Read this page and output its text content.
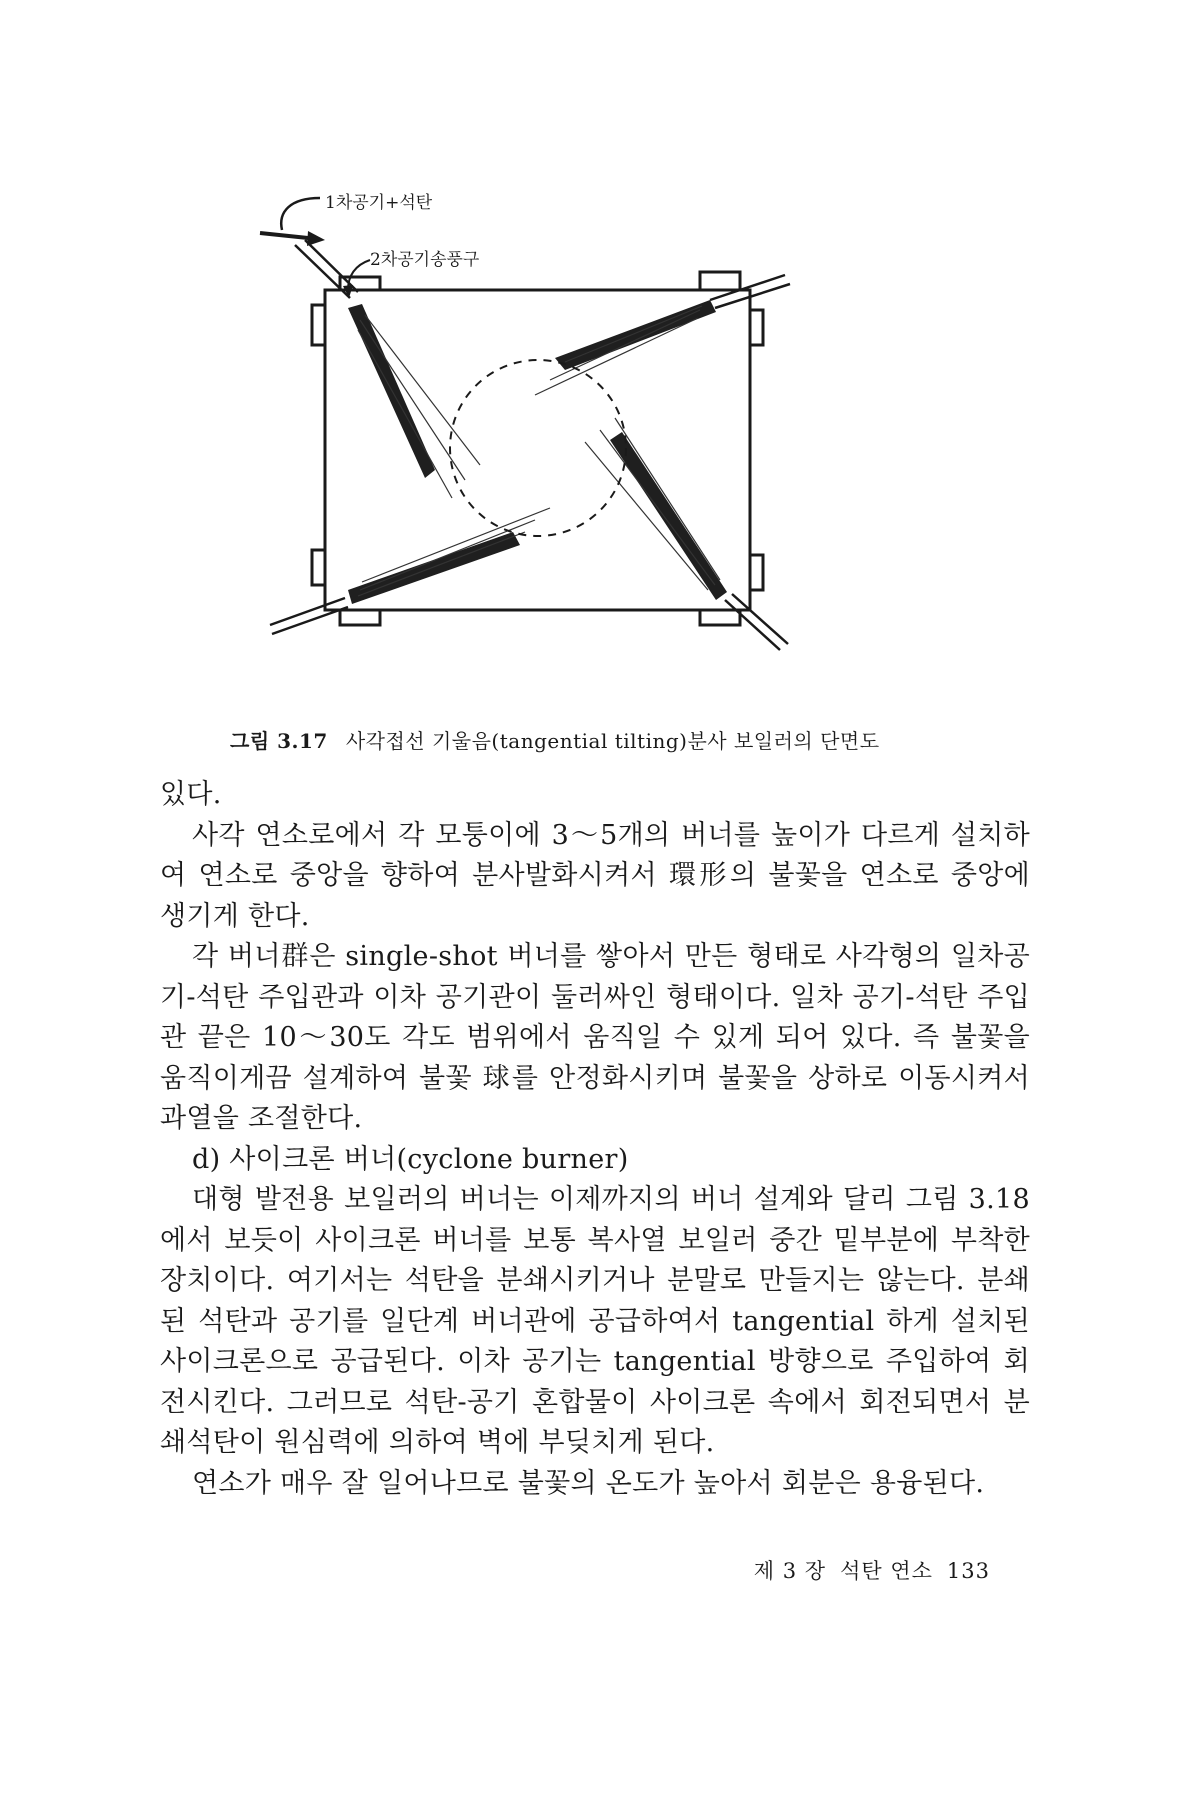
1차공기+석탄
2차공기송풍구
그림 3.17 사각접선 기울음(tangential tilting)분사 보일러의 단면도

있다.

사각 연소로에서 각 모퉁이에 3～5개의 버너를 높이가 다르게 설치하여 연소로 중앙을 향하여 분사발화시켜서 環形의 불꽃을 연소로 중앙에 생기게 한다.

각 버너群은 single-shot 버너를 쌓아서 만든 형태로 사각형의 일차공기-석탄 주입관과 이차 공기관이 둘러싸인 형태이다. 일차 공기-석탄 주입관 끝은 10～30도 각도 범위에서 움직일 수 있게 되어 있다. 즉 불꽃을 움직이게끔 설계하여 불꽃 球를 안정화시키며 불꽃을 상하로 이동시켜서 과열을 조절한다.

d) 사이크론 버너(cyclone burner)

대형 발전용 보일러의 버너는 이제까지의 버너 설계와 달리 그림 3.18에서 보듯이 사이크론 버너를 보통 복사열 보일러 중간 밑부분에 부착한 장치이다. 여기서는 석탄을 분쇄시키거나 분말로 만들지는 않는다. 분쇄된 석탄과 공기를 일단계 버너관에 공급하여서 tangential 하게 설치된 사이크론으로 공급된다. 이차 공기는 tangential 방향으로 주입하여 회전시킨다. 그러므로 석탄-공기 혼합물이 사이크론 속에서 회전되면서 분쇄석탄이 원심력에 의하여 벽에 부딪치게 된다.

연소가 매우 잘 일어나므로 불꽃의 온도가 높아서 회분은 용융된다.

제 3 장 석탄 연소 133
